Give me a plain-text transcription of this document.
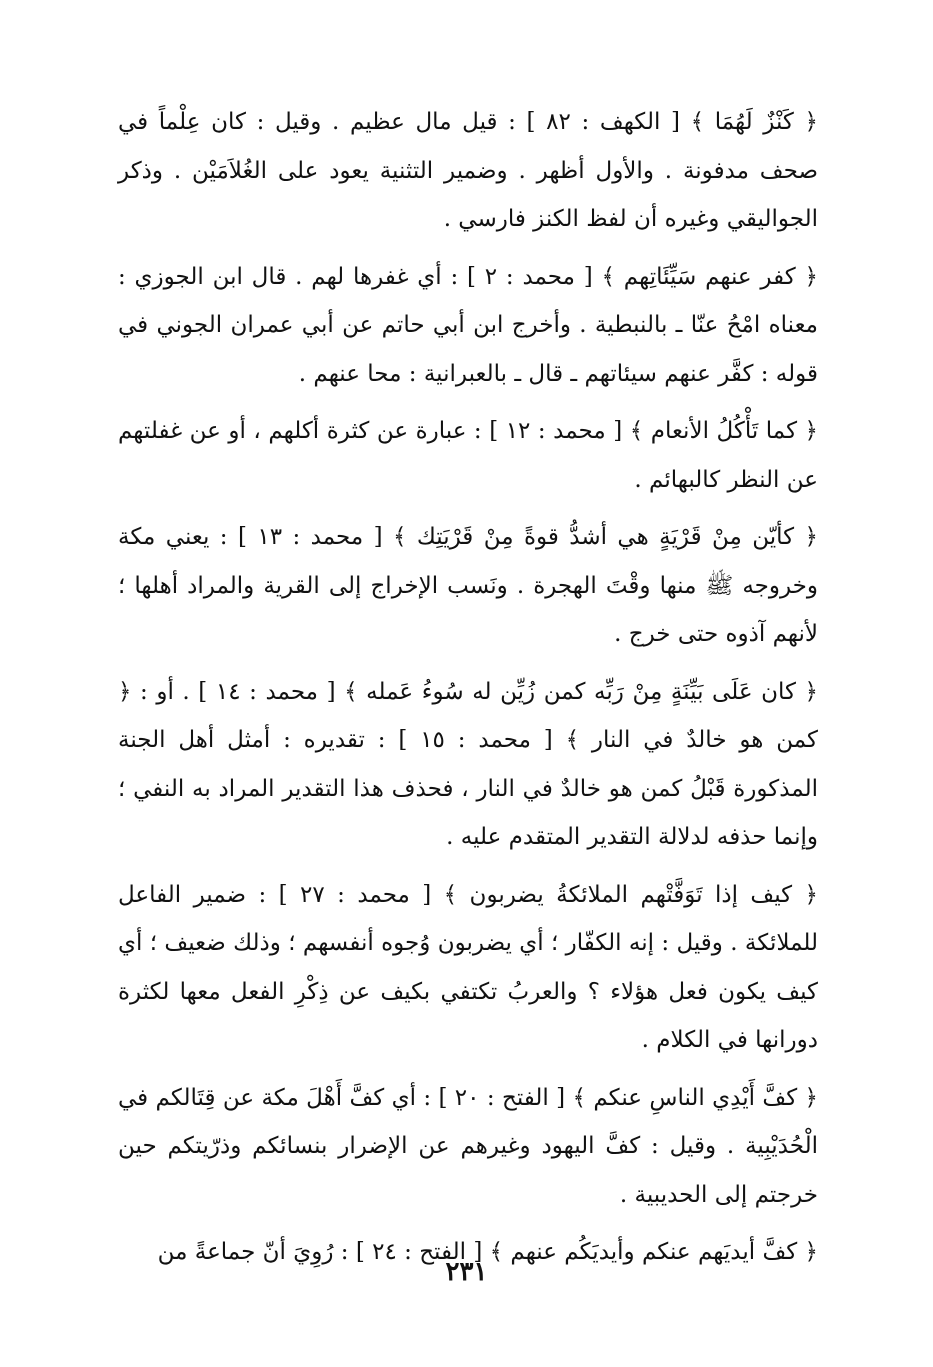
﴿ كَنْزٌ لَهُمَا ﴾ [ الكهف : ٨٢ ] : قيل مال عظيم . وقيل : كان عِلْماً في صحف مدفونة . والأول أظهر . وضمير التثنية يعود على الغُلاَمَيْن . وذكر الجواليقي وغيره أن لفظ الكنز فارسي .

﴿ كفر عنهم سَيِّئَاتِهم ﴾ [ محمد : ٢ ] : أي غفرها لهم . قال ابن الجوزي : معناه امْحُ عنّا ـ بالنبطية . وأخرج ابن أبي حاتم عن أبي عمران الجوني في قوله : كفَّر عنهم سيئاتهم ـ قال ـ بالعبرانية : محا عنهم .

﴿ كما تَأْكُلُ الأنعام ﴾ [ محمد : ١٢ ] : عبارة عن كثرة أكلهم ، أو عن غفلتهم عن النظر كالبهائم .

﴿ كأيّن مِنْ قَرْيَةٍ هي أشدُّ قوةً مِنْ قَرْيَتِك ﴾ [ محمد : ١٣ ] : يعني مكة وخروجه ﷺ منها وقْتَ الهجرة . ونَسب الإخراج إلى القرية والمراد أهلها ؛ لأنهم آذوه حتى خرج .

﴿ كان عَلَى بَيِّنَةٍ مِنْ رَبِّه كمن زُيِّن له سُوءُ عَمله ﴾ [ محمد : ١٤ ] . أو : ﴿ كمن هو خالدٌ في النار ﴾ [ محمد : ١٥ ] : تقديره : أمثل أهل الجنة المذكورة قَبْلُ كمن هو خالدٌ في النار ، فحذف هذا التقدير المراد به النفي ؛ وإنما حذفه لدلالة التقدير المتقدم عليه .

﴿ كيف إذا تَوَفَّتْهم الملائكةُ يضربون ﴾ [ محمد : ٢٧ ] : ضمير الفاعل للملائكة . وقيل : إنه الكفّار ؛ أي يضربون وُجوه أنفسهم ؛ وذلك ضعيف ؛ أي كيف يكون فعل هؤلاء ؟ والعربُ تكتفي بكيف عن ذِكْرِ الفعل معها لكثرة دورانها في الكلام .

﴿ كفَّ أَيْدِي الناسِ عنكم ﴾ [ الفتح : ٢٠ ] : أي كفَّ أَهْلَ مكة عن قِتَالكم في الْحُدَيْبِية . وقيل : كفَّ اليهود وغيرهم عن الإضرار بنسائكم وذرّيتكم حين خرجتم إلى الحديبية .

﴿ كفَّ أيديَهم عنكم وأيديَكُم عنهم ﴾ [ الفتح : ٢٤ ] : رُوِيَ أنّ جماعةً من

٢٣١
